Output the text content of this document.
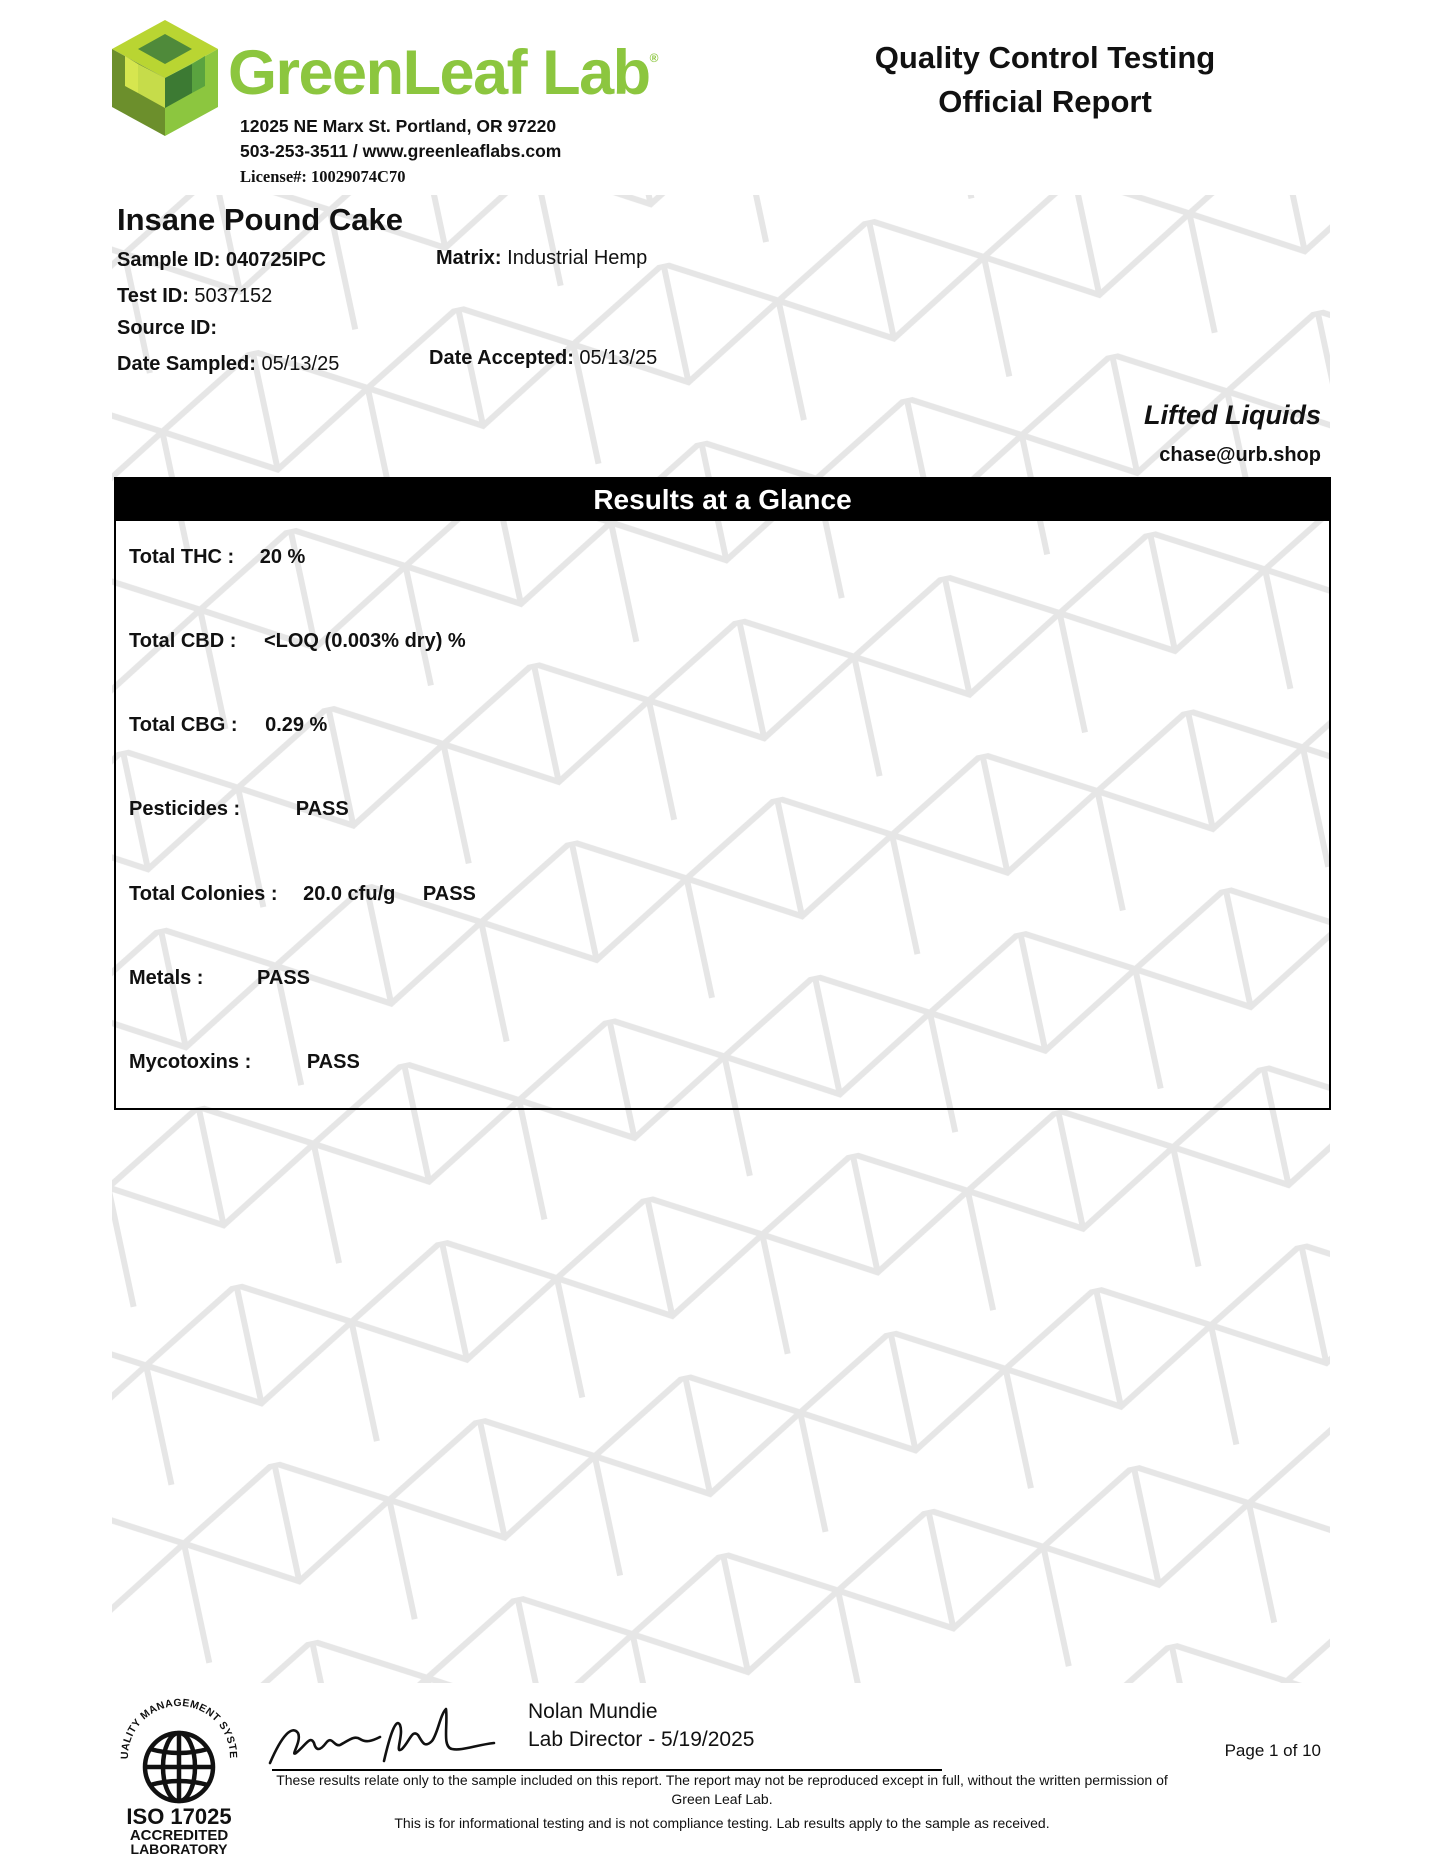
GreenLeaf Lab®
12025 NE Marx St. Portland, OR 97220
503-253-3511 / www.greenleaflabs.com
License#: 10029074C70
Quality Control Testing
Official Report
Insane Pound Cake
Sample ID: 040725IPC	Matrix: Industrial Hemp
Test ID: 5037152
Source ID:
Date Sampled: 05/13/25	Date Accepted: 05/13/25
Lifted Liquids
chase@urb.shop
Results at a Glance
Total THC : 20 %
Total CBD : <LOQ (0.003% dry) %
Total CBG : 0.29 %
Pesticides :	PASS
Total Colonies : 20.0 cfu/g PASS
Metals :	PASS
Mycotoxins :	PASS
UALITY MANAGEMENT SYSTE
ISO 17025
ACCREDITED
LABORATORY
Nolan Mundie
Lab Director - 5/19/2025
These results relate only to the sample included on this report. The report may not be reproduced except in full, without the written permission of Green Leaf Lab.
This is for informational testing and is not compliance testing. Lab results apply to the sample as received.
Page 1 of 10
